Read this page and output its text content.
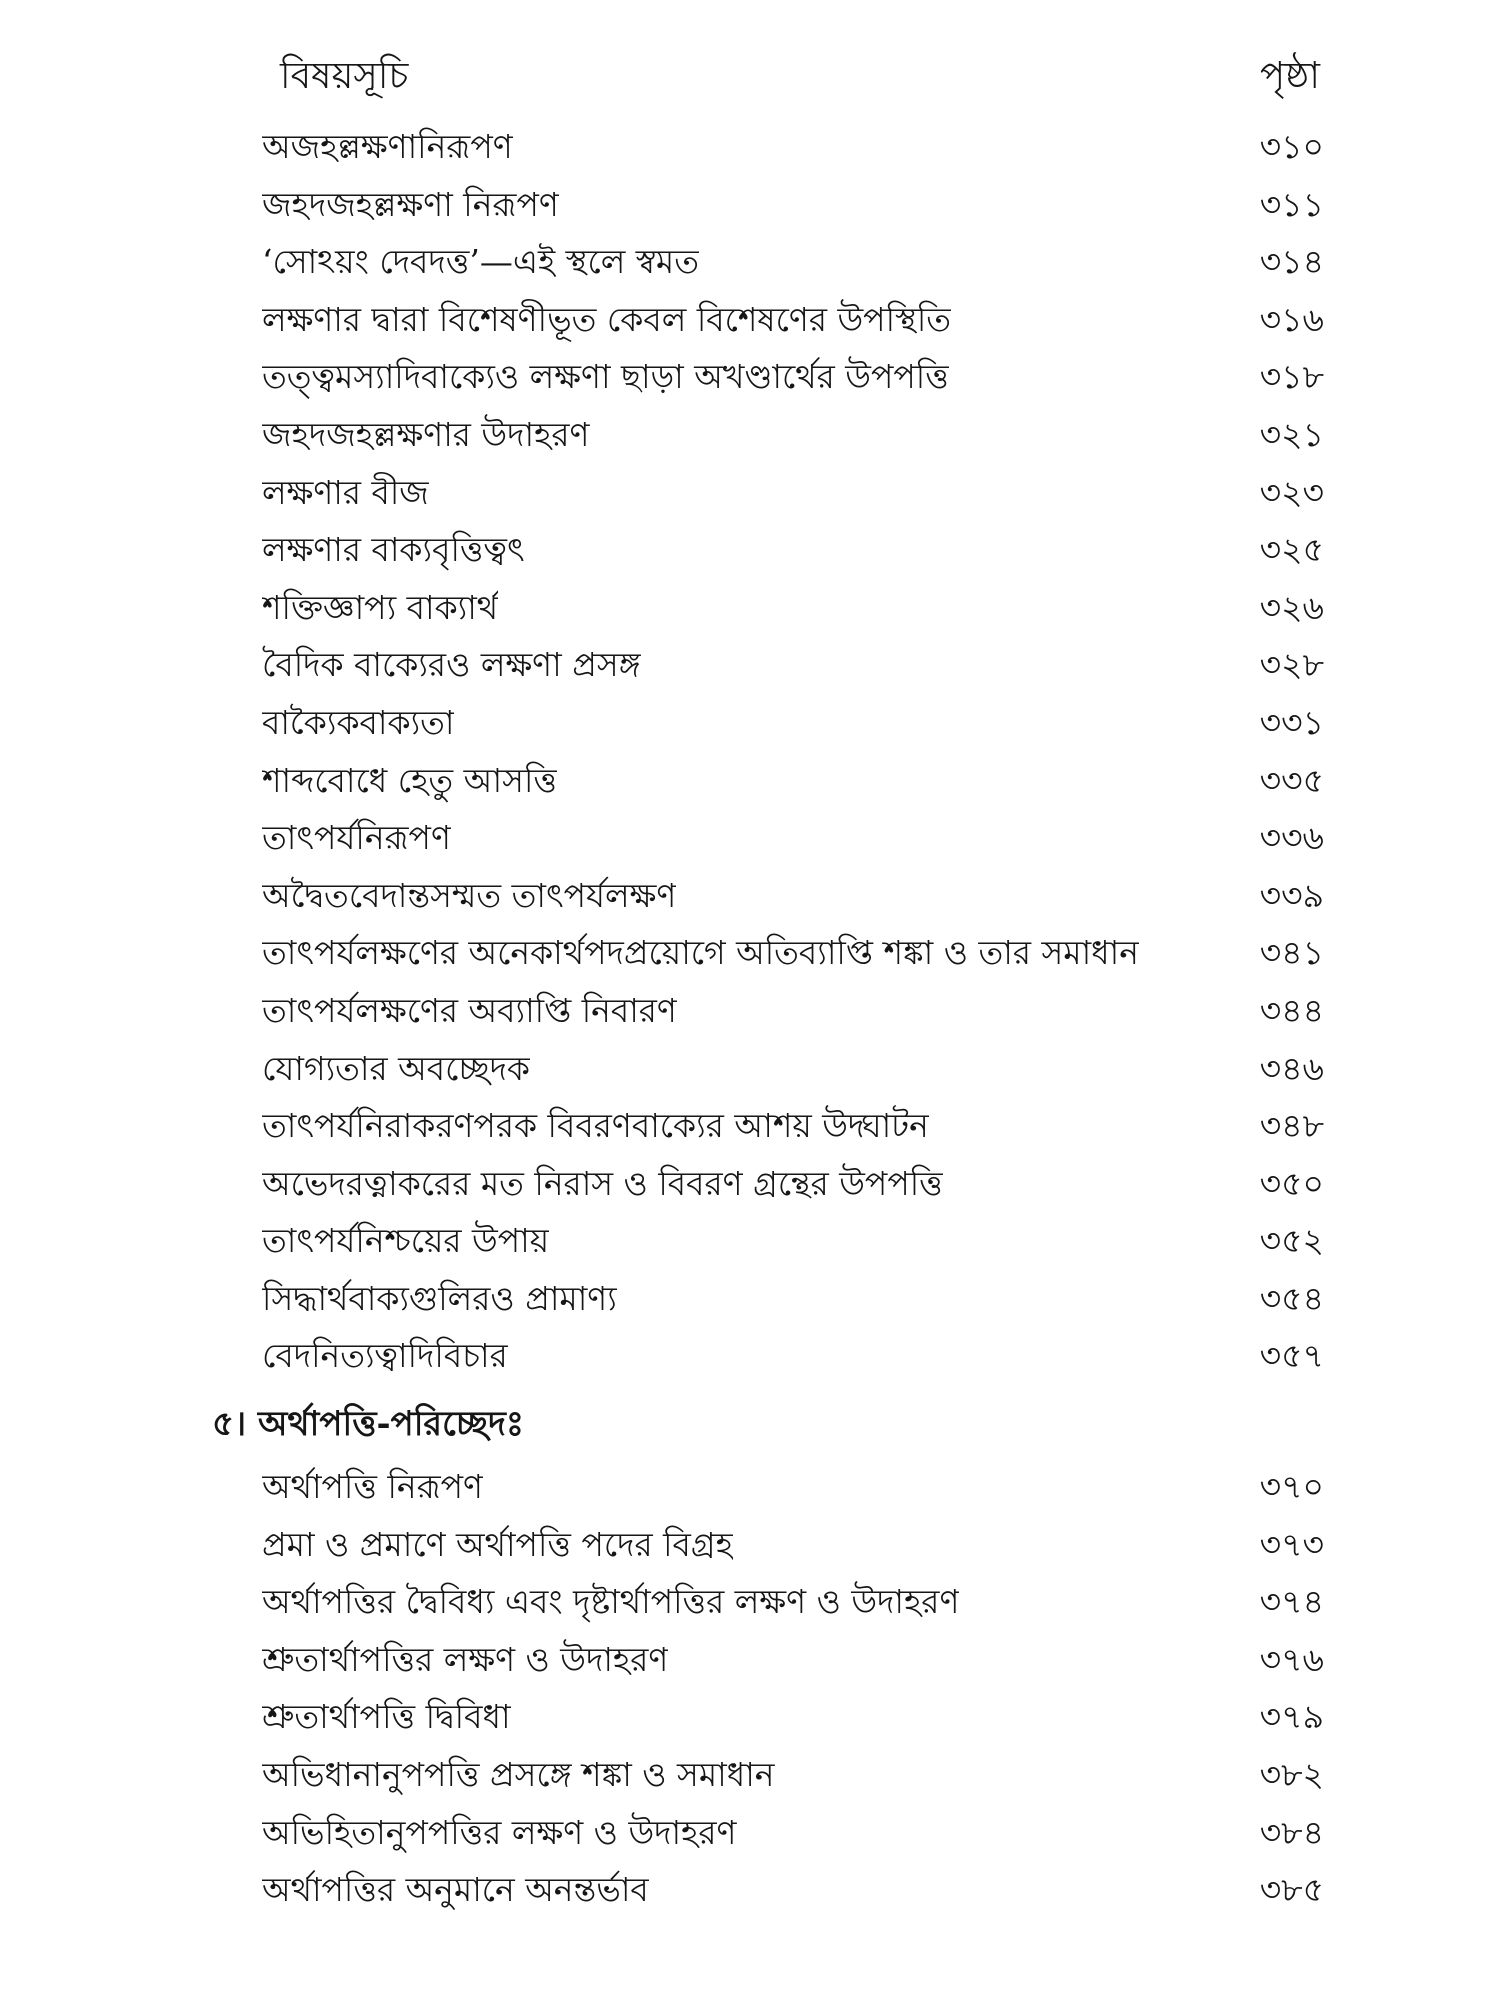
বিষয়সূচি	পৃষ্ঠা
অজহল্লক্ষণানিরূপণ	৩১০
জহদজহল্লক্ষণা নিরূপণ	৩১১
‘সোঽয়ং দেবদত্ত’—এই স্থলে স্বমত	৩১৪
লক্ষণার দ্বারা বিশেষণীভূত কেবল বিশেষণের উপস্থিতি	৩১৬
তত্ত্বমস্যাদিবাক্যেও লক্ষণা ছাড়া অখণ্ডার্থের উপপত্তি	৩১৮
জহদজহল্লক্ষণার উদাহরণ	৩২১
লক্ষণার বীজ	৩২৩
লক্ষণার বাক্যবৃত্তিত্বৎ	৩২৫
শক্তিজ্ঞাপ্য বাক্যার্থ	৩২৬
বৈদিক বাক্যেরও লক্ষণা প্রসঙ্গ	৩২৮
বাক্যৈকবাক্যতা	৩৩১
শাব্দবোধে হেতু আসত্তি	৩৩৫
তাৎপর্যনিরূপণ	৩৩৬
অদ্বৈতবেদান্তসম্মত তাৎপর্যলক্ষণ	৩৩৯
তাৎপর্যলক্ষণের অনেকার্থপদপ্রয়োগে অতিব্যাপ্তি শঙ্কা ও তার সমাধান	৩৪১
তাৎপর্যলক্ষণের অব্যাপ্তি নিবারণ	৩৪৪
যোগ্যতার অবচ্ছেদক	৩৪৬
তাৎপর্যনিরাকরণপরক বিবরণবাক্যের আশয় উদ্ঘাটন	৩৪৮
অভেদরত্নাকরের মত নিরাস ও বিবরণ গ্রন্থের উপপত্তি	৩৫০
তাৎপর্যনিশ্চয়ের উপায়	৩৫২
সিদ্ধার্থবাক্যগুলিরও প্রামাণ্য	৩৫৪
বেদনিত্যত্বাদিবিচার	৩৫৭
৫। অর্থাপত্তি-পরিচ্ছেদঃ
অর্থাপত্তি নিরূপণ	৩৭০
প্রমা ও প্রমাণে অর্থাপত্তি পদের বিগ্রহ	৩৭৩
অর্থাপত্তির দ্বৈবিধ্য এবং দৃষ্টার্থাপত্তির লক্ষণ ও উদাহরণ	৩৭৪
শ্রুতার্থাপত্তির লক্ষণ ও উদাহরণ	৩৭৬
শ্রুতার্থাপত্তি দ্বিবিধা	৩৭৯
অভিধানানুপপত্তি প্রসঙ্গে শঙ্কা ও সমাধান	৩৮২
অভিহিতানুপপত্তির লক্ষণ ও উদাহরণ	৩৮৪
অর্থাপত্তির অনুমানে অনন্তর্ভাব	৩৮৫
